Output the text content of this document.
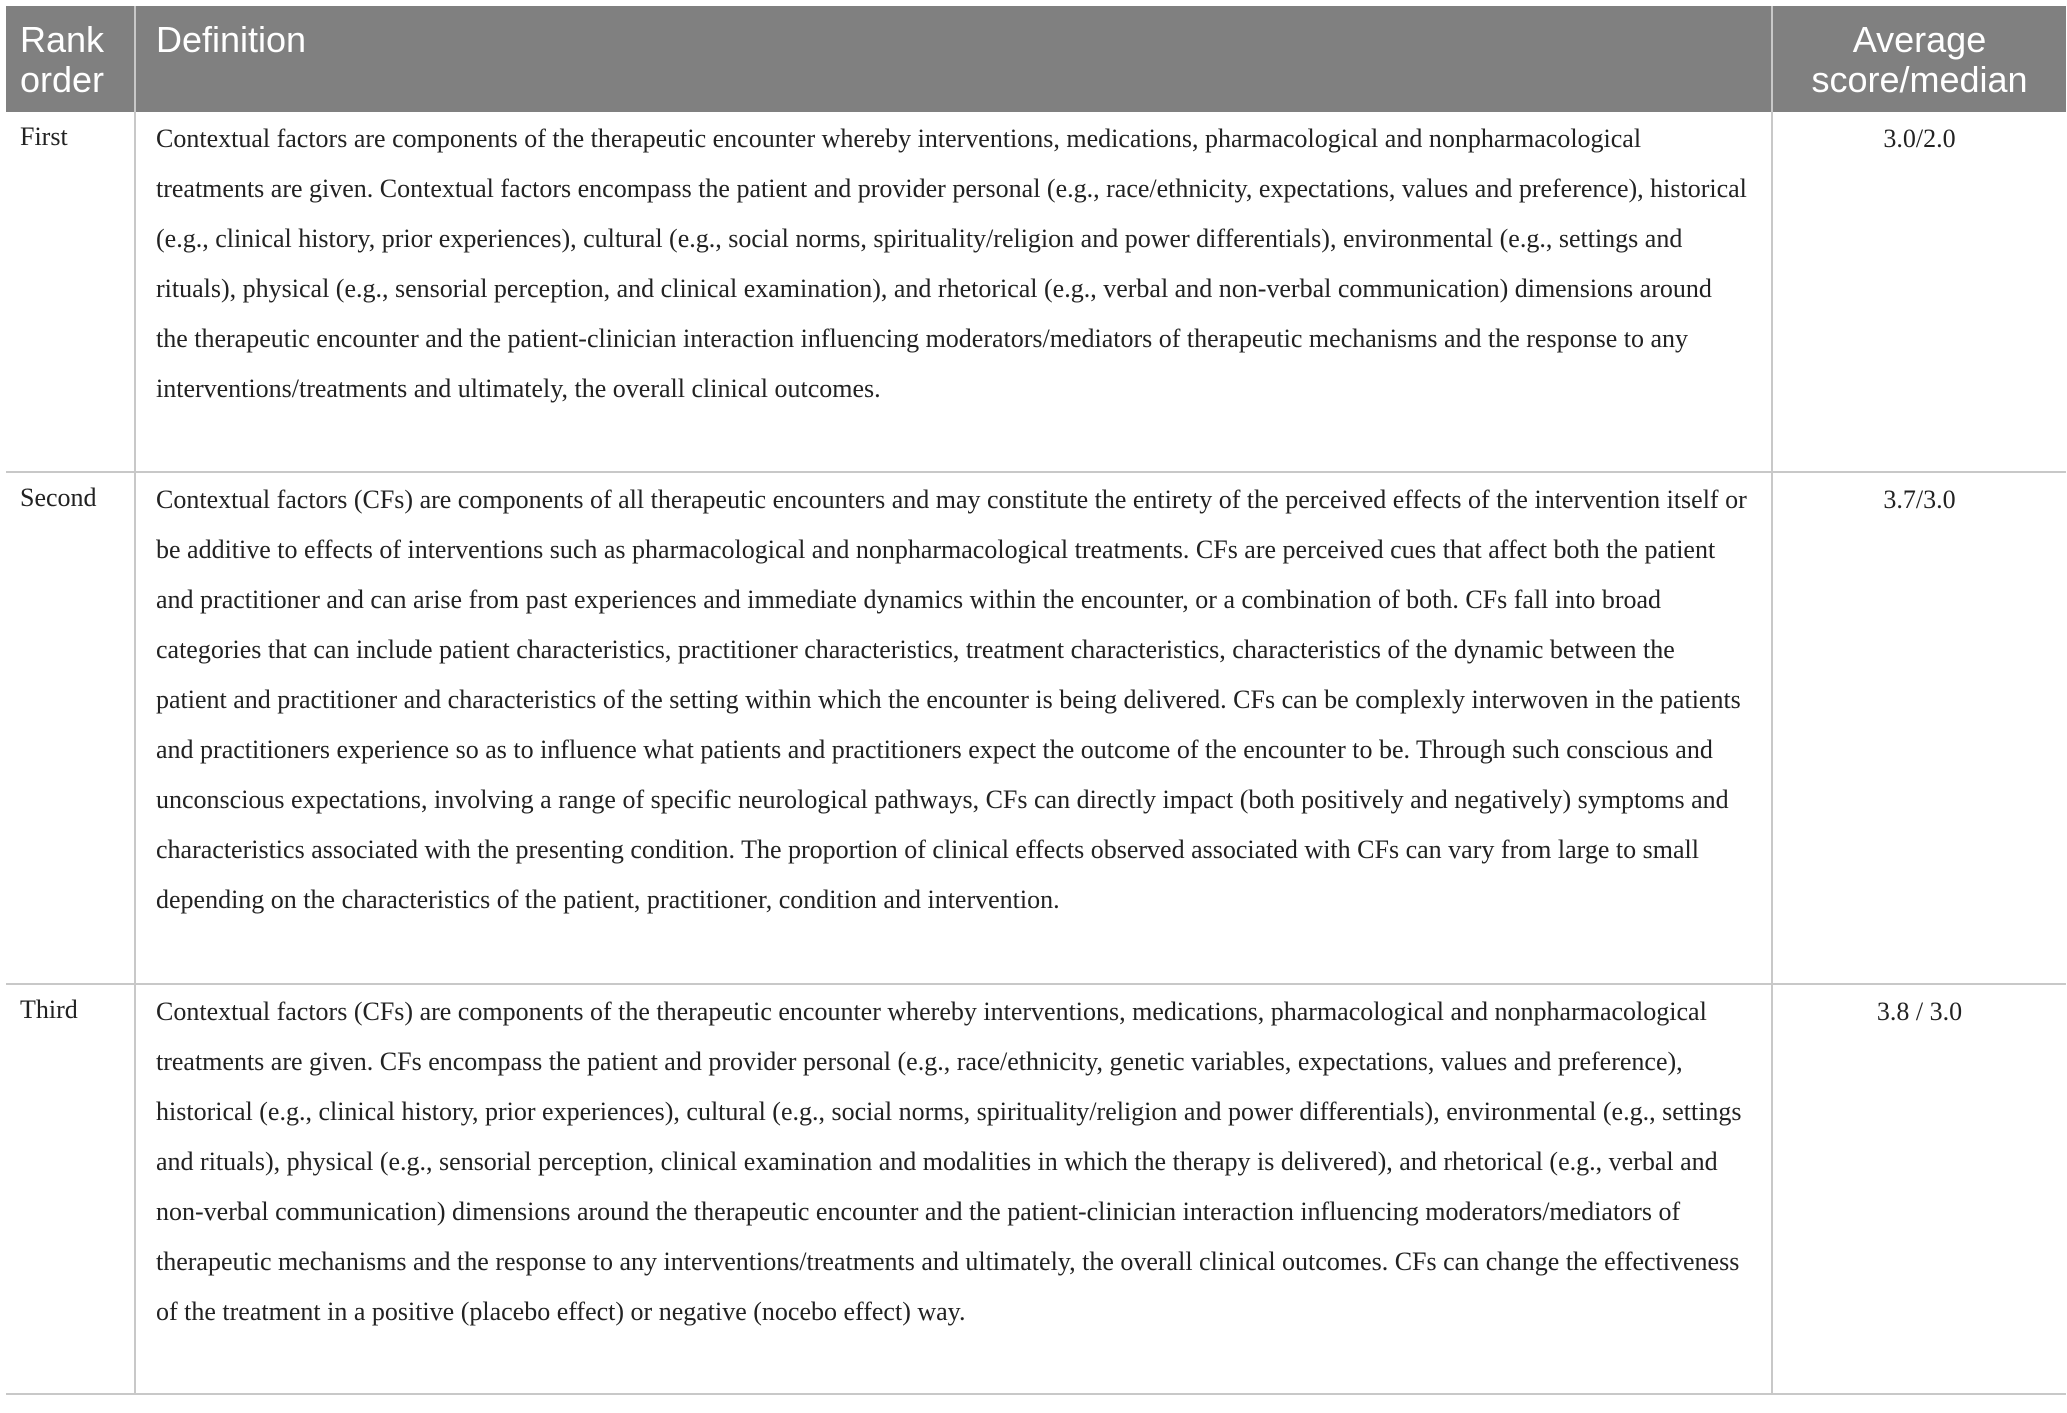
Rank order	Definition	Average score/median
First	Contextual factors are components of the therapeutic encounter whereby interventions, medications, pharmacological and nonpharmacological treatments are given. Contextual factors encompass the patient and provider personal (e.g., race/ethnicity, expectations, values and preference), historical (e.g., clinical history, prior experiences), cultural (e.g., social norms, spirituality/religion and power differentials), environmental (e.g., settings and rituals), physical (e.g., sensorial perception, and clinical examination), and rhetorical (e.g., verbal and non-verbal communication) dimensions around the therapeutic encounter and the patient-clinician interaction influencing moderators/mediators of therapeutic mechanisms and the response to any interventions/treatments and ultimately, the overall clinical outcomes.	3.0/2.0
Second	Contextual factors (CFs) are components of all therapeutic encounters and may constitute the entirety of the perceived effects of the intervention itself or be additive to effects of interventions such as pharmacological and nonpharmacological treatments. CFs are perceived cues that affect both the patient and practitioner and can arise from past experiences and immediate dynamics within the encounter, or a combination of both. CFs fall into broad categories that can include patient characteristics, practitioner characteristics, treatment characteristics, characteristics of the dynamic between the patient and practitioner and characteristics of the setting within which the encounter is being delivered. CFs can be complexly interwoven in the patients and practitioners experience so as to influence what patients and practitioners expect the outcome of the encounter to be. Through such conscious and unconscious expectations, involving a range of specific neurological pathways, CFs can directly impact (both positively and negatively) symptoms and characteristics associated with the presenting condition. The proportion of clinical effects observed associated with CFs can vary from large to small depending on the characteristics of the patient, practitioner, condition and intervention.	3.7/3.0
Third	Contextual factors (CFs) are components of the therapeutic encounter whereby interventions, medications, pharmacological and nonpharmacological treatments are given. CFs encompass the patient and provider personal (e.g., race/ethnicity, genetic variables, expectations, values and preference), historical (e.g., clinical history, prior experiences), cultural (e.g., social norms, spirituality/religion and power differentials), environmental (e.g., settings and rituals), physical (e.g., sensorial perception, clinical examination and modalities in which the therapy is delivered), and rhetorical (e.g., verbal and non-verbal communication) dimensions around the therapeutic encounter and the patient-clinician interaction influencing moderators/mediators of therapeutic mechanisms and the response to any interventions/treatments and ultimately, the overall clinical outcomes. CFs can change the effectiveness of the treatment in a positive (placebo effect) or negative (nocebo effect) way.	3.8 / 3.0
